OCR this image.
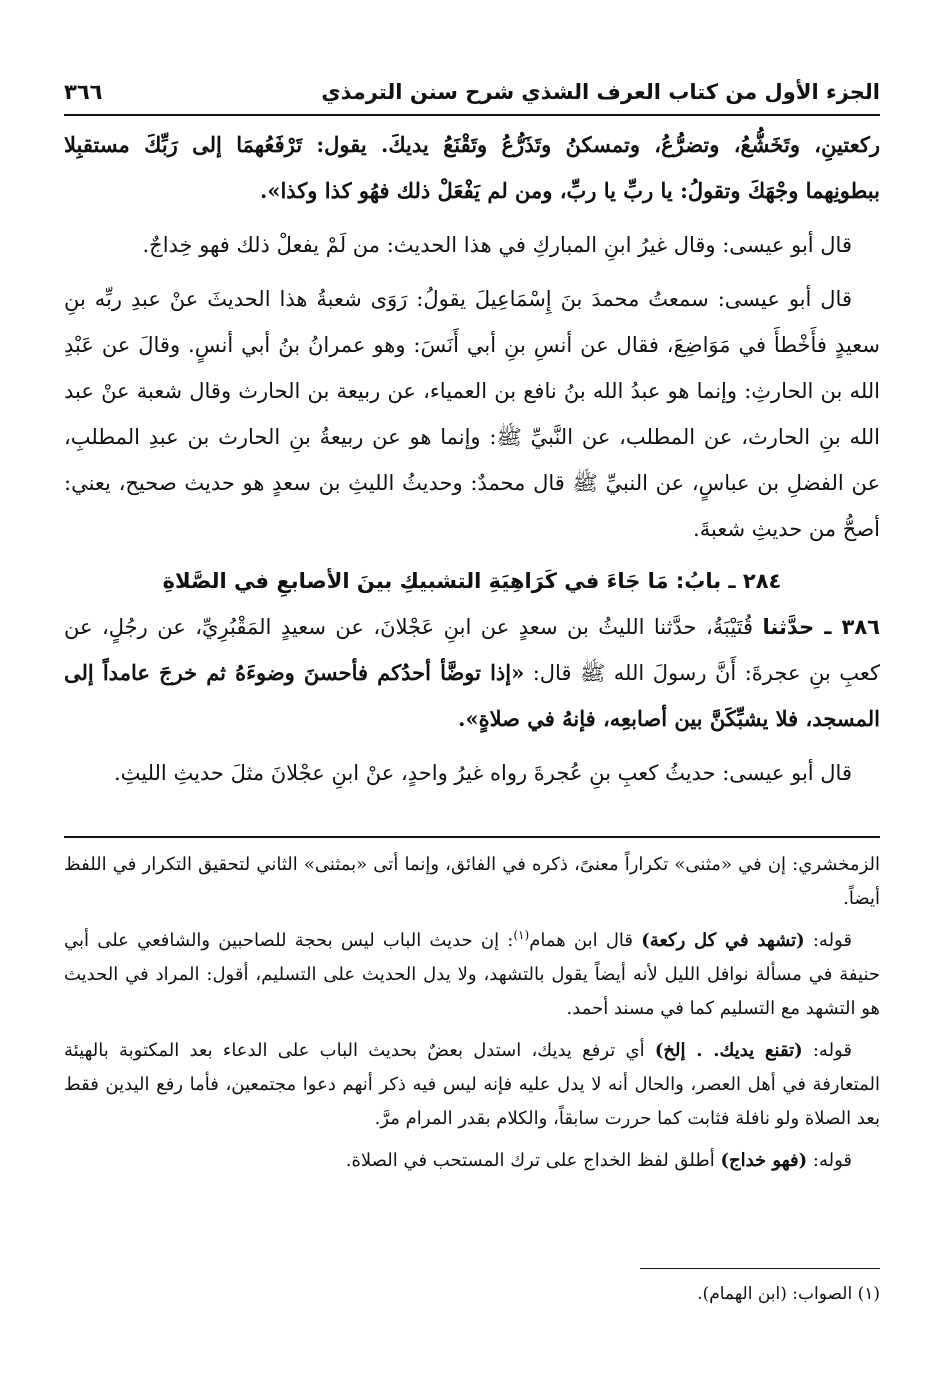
الجزء الأول من كتاب العرف الشذي شرح سنن الترمذي
٣٦٦

ركعتينِ، وتَخَشُّعُ، وتضرُّعُ، وتمسكنُ وتَذَرُّعُ وتَقْنَعُ يديكَ. يقول: تَرْفَعُهمَا إلى رَبِّكَ مستقبِلا ببطونِهما وجْهَكَ وتقولُ: يا ربِّ يا ربِّ، ومن لم يَفْعَلْ ذلك فهُو كذا وكذا».

قال أبو عيسى: وقال غيرُ ابنِ المباركِ في هذا الحديث: من لَمْ يفعلْ ذلك فهو خِداجٌ.

قال أبو عيسى: سمعتُ محمدَ بنَ إِسْمَاعِيلَ يقولُ: رَوَى شعبةُ هذا الحديثَ عنْ عبدِ ربِّه بنِ سعيدٍ فأَخْطأَ في مَوَاضِعَ، فقال عن أنسِ بنِ أبي أَنَسَ: وهو عمرانُ بنُ أبي أنسٍ. وقالَ عن عَبْدِ الله بن الحارثِ: وإنما هو عبدُ الله بنُ نافع بن العمياء، عن ربيعة بن الحارث وقال شعبة عنْ عبد الله بنِ الحارث، عن المطلب، عن النَّبيِّ ﷺ: وإنما هو عن ربيعةُ بنِ الحارث بن عبدِ المطلبِ، عن الفضلِ بن عباسٍ، عن النبيِّ ﷺ قال محمدٌ: وحديثُ الليثِ بن سعدٍ هو حديث صحيح، يعني: أصحُّ من حديثِ شعبةَ.

٢٨٤ ـ بابُ: مَا جَاءَ في كَرَاهِيَةِ التشبيكِ بينَ الأصابعِ في الصَّلاةِ

٣٨٦ ـ حدَّثنا قُتَيْبَةُ، حدَّثنا الليثُ بن سعدٍ عن ابنِ عَجْلانَ، عن سعيدٍ المَقْبُرِيِّ، عن رجُلٍ، عن كعبِ بنِ عجرةَ: أَنَّ رسولَ الله ﷺ قال: «إذا توضَّأ أحدُكم فأحسنَ وضوءَهُ ثم خرجَ عامداً إلى المسجد، فلا يشبِّكَنَّ بين أصابعِه، فإنهُ في صلاةٍ».

قال أبو عيسى: حديثُ كعبِ بنِ عُجرةَ رواه غيرُ واحدٍ، عنْ ابنِ عجْلانَ مثلَ حديثِ الليثِ.

الزمخشري: إن في «مثنى» تكراراً معنىً، ذكره في الفائق، وإنما أتى «بمثنى» الثاني لتحقيق التكرار في اللفظ أيضاً.

قوله: (تشهد في كل ركعة) قال ابن همام$^{(١)}$: إن حديث الباب ليس بحجة للصاحبين والشافعي على أبي حنيفة في مسألة نوافل الليل لأنه أيضاً يقول بالتشهد، ولا يدل الحديث على التسليم، أقول: المراد في الحديث هو التشهد مع التسليم كما في مسند أحمد.

قوله: (تقنع يديك. . إلخ) أي ترفع يديك، استدل بعضٌ بحديث الباب على الدعاء بعد المكتوبة بالهيئة المتعارفة في أهل العصر، والحال أنه لا يدل عليه فإنه ليس فيه ذكر أنهم دعوا مجتمعين، فأما رفع اليدين فقط بعد الصلاة ولو نافلة فثابت كما حررت سابقاً، والكلام بقدر المرام مرَّ.

قوله: (فهو خداج) أطلق لفظ الخداج على ترك المستحب في الصلاة.

(١) الصواب: (ابن الهمام).
